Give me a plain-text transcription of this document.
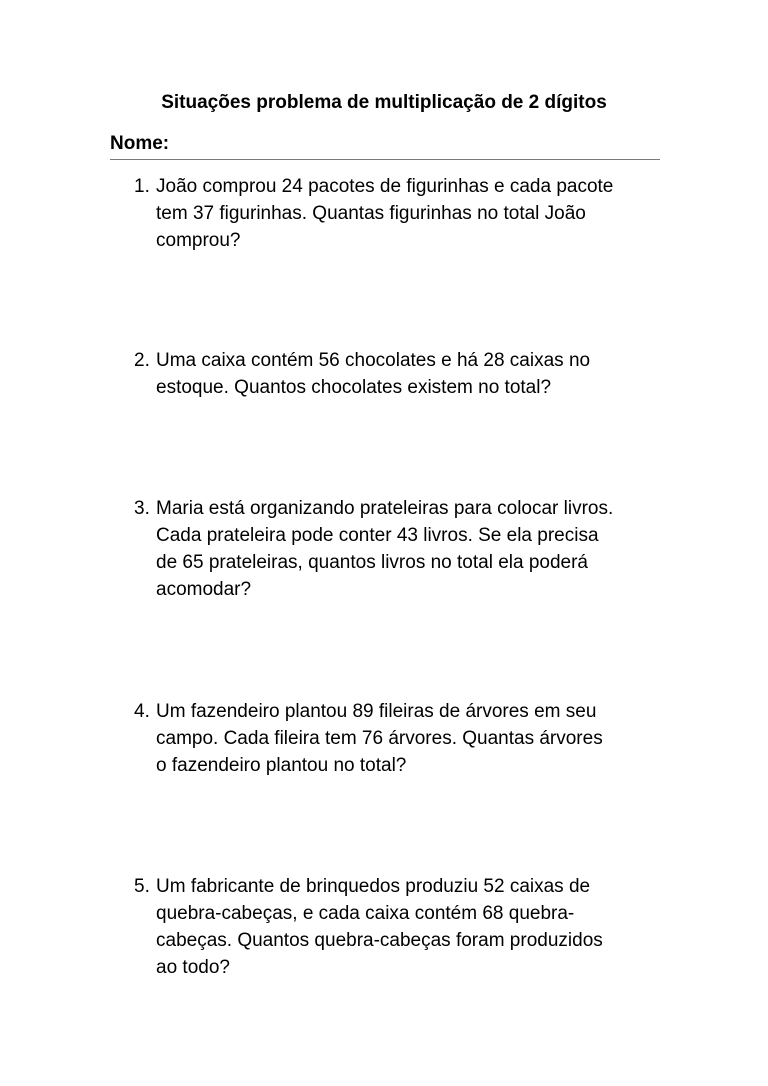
Situações problema de multiplicação de 2 dígitos
Nome:
1. João comprou 24 pacotes de figurinhas e cada pacote
tem 37 figurinhas. Quantas figurinhas no total João
comprou?
2. Uma caixa contém 56 chocolates e há 28 caixas no
estoque. Quantos chocolates existem no total?
3. Maria está organizando prateleiras para colocar livros.
Cada prateleira pode conter 43 livros. Se ela precisa
de 65 prateleiras, quantos livros no total ela poderá
acomodar?
4. Um fazendeiro plantou 89 fileiras de árvores em seu
campo. Cada fileira tem 76 árvores. Quantas árvores
o fazendeiro plantou no total?
5. Um fabricante de brinquedos produziu 52 caixas de
quebra-cabeças, e cada caixa contém 68 quebra-
cabeças. Quantos quebra-cabeças foram produzidos
ao todo?
